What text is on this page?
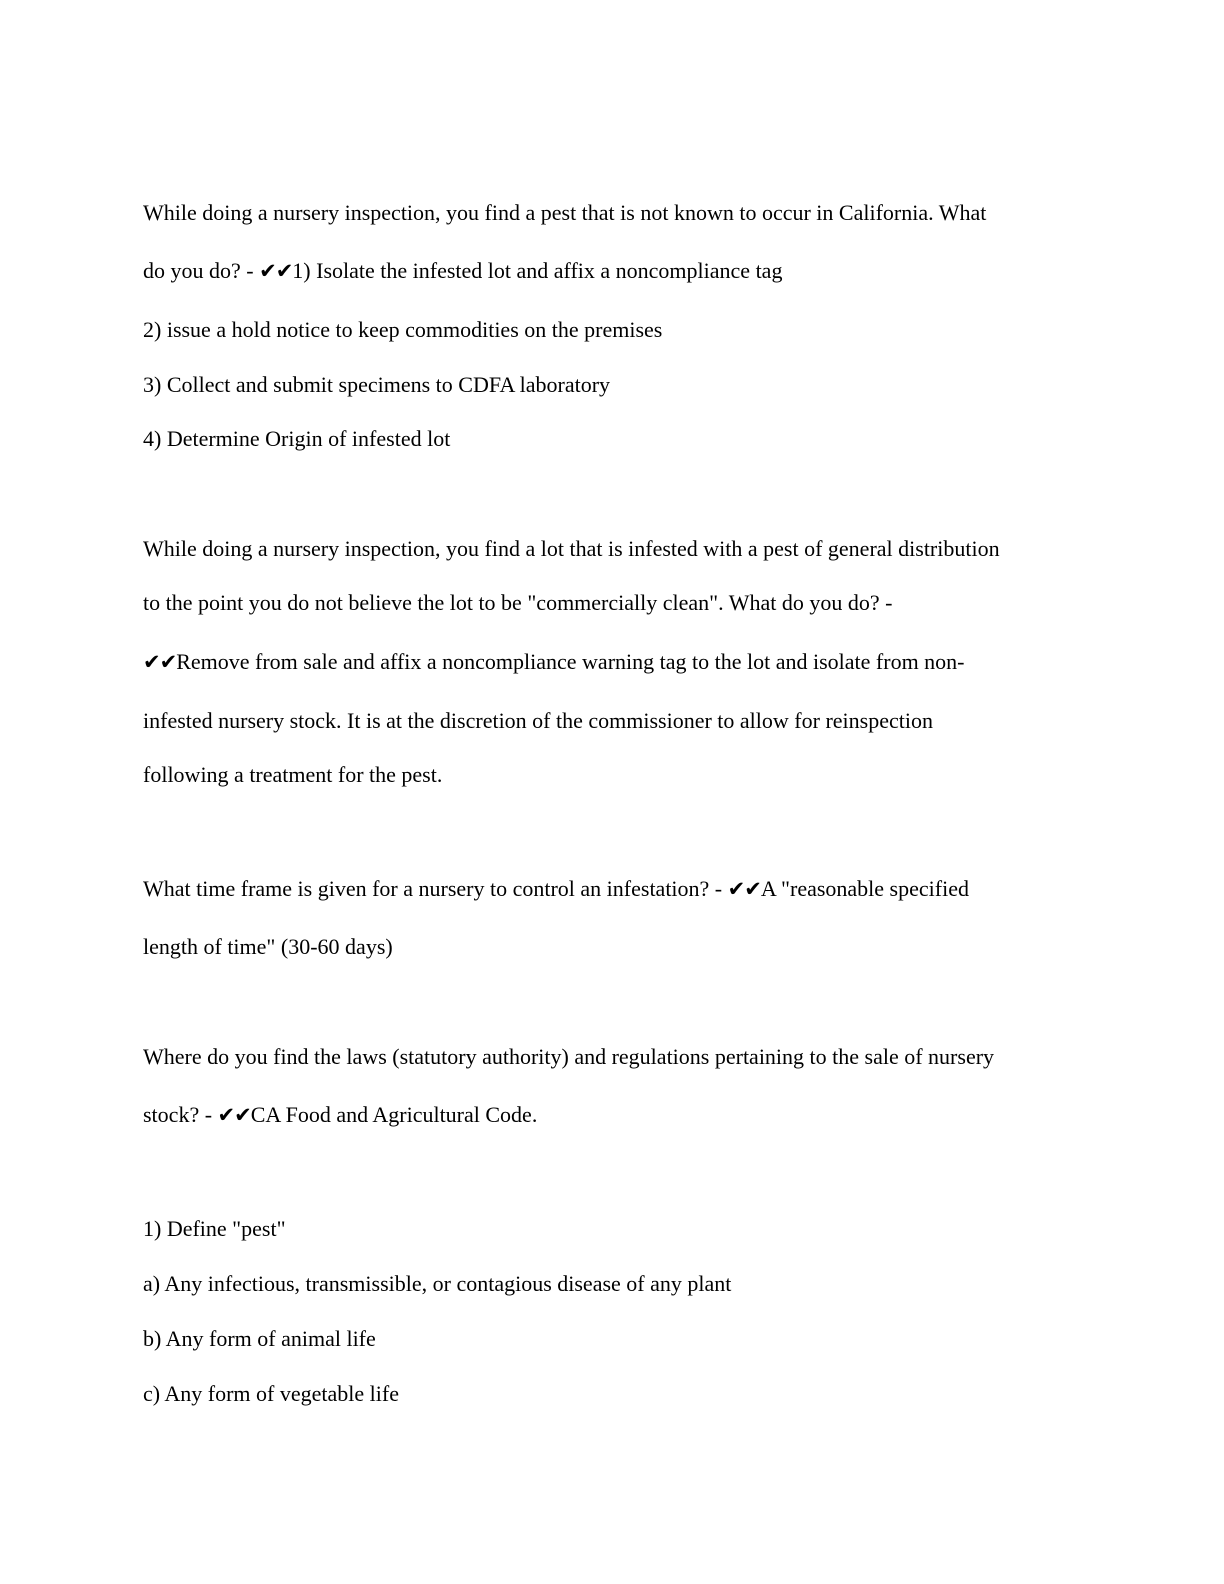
While doing a nursery inspection, you find a pest that is not known to occur in California. What
do you do? - ✔✔1) Isolate the infested lot and affix a noncompliance tag
2) issue a hold notice to keep commodities on the premises
3) Collect and submit specimens to CDFA laboratory
4) Determine Origin of infested lot
While doing a nursery inspection, you find a lot that is infested with a pest of general distribution
to the point you do not believe the lot to be "commercially clean". What do you do? -
✔✔Remove from sale and affix a noncompliance warning tag to the lot and isolate from non-
infested nursery stock. It is at the discretion of the commissioner to allow for reinspection
following a treatment for the pest.
What time frame is given for a nursery to control an infestation? - ✔✔A "reasonable specified
length of time" (30-60 days)
Where do you find the laws (statutory authority) and regulations pertaining to the sale of nursery
stock? - ✔✔CA Food and Agricultural Code.
1) Define "pest"
a) Any infectious, transmissible, or contagious disease of any plant
b) Any form of animal life
c) Any form of vegetable life
